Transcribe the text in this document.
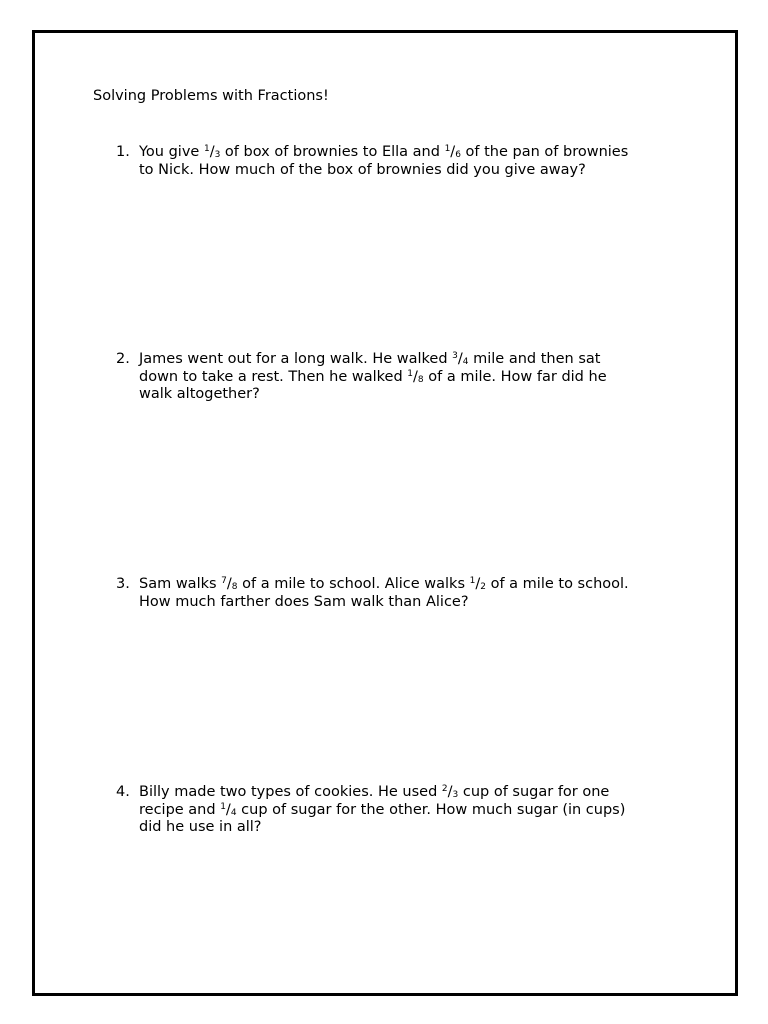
Solving Problems with Fractions!
1. You give $^1/_3$ of box of brownies to Ella and $^1/_6$ of the pan of brownies
to Nick. How much of the box of brownies did you give away?
2. James went out for a long walk. He walked $^3/_4$ mile and then sat
down to take a rest. Then he walked $^1/_8$ of a mile. How far did he
walk altogether?
3. Sam walks $^7/_8$ of a mile to school. Alice walks $^1/_2$ of a mile to school.
How much farther does Sam walk than Alice?
4. Billy made two types of cookies. He used $^2/_3$ cup of sugar for one
recipe and $^1/_4$ cup of sugar for the other. How much sugar (in cups)
did he use in all?
